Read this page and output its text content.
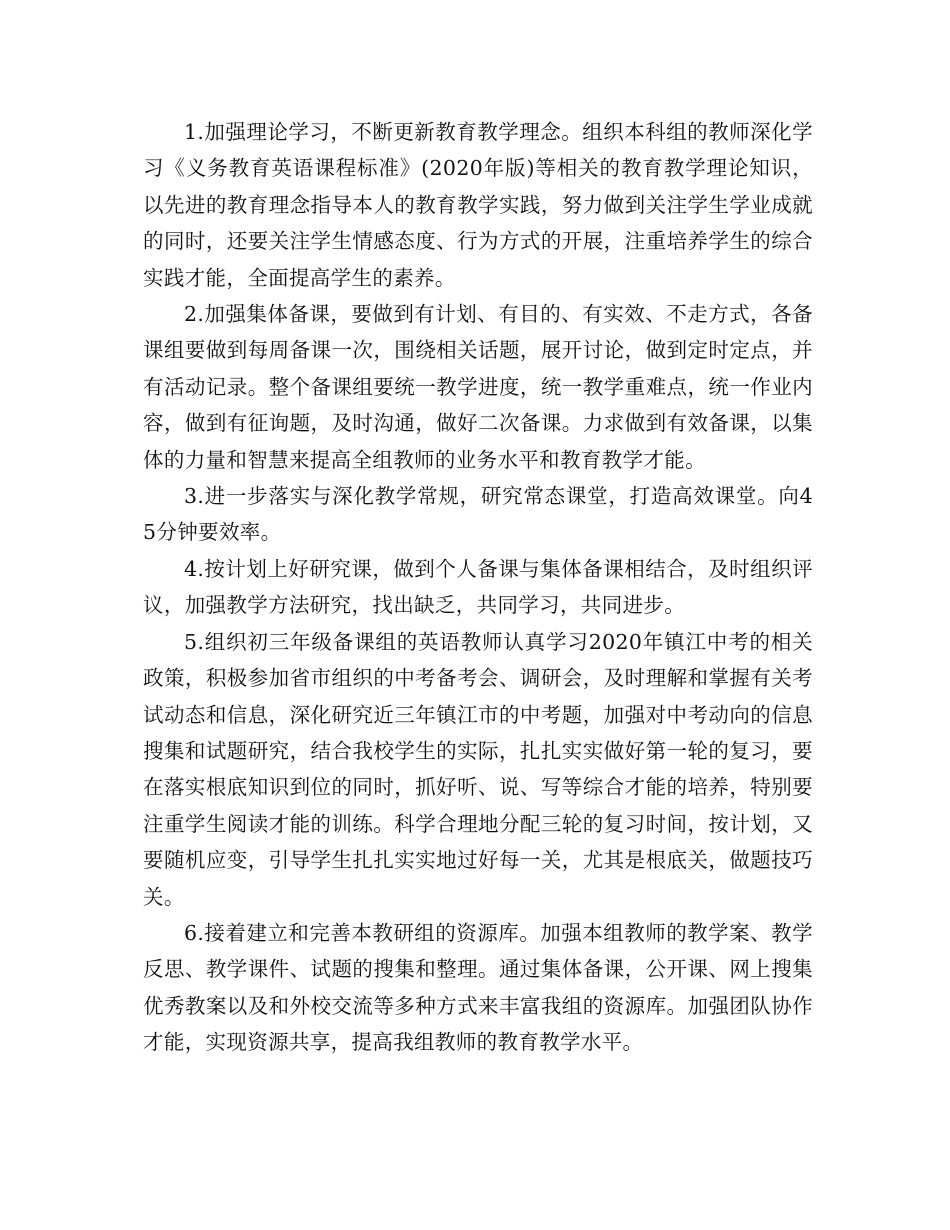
1.加强理论学习，不断更新教育教学理念。组织本科组的教师深化学习《义务教育英语课程标准》(2020年版)等相关的教育教学理论知识，以先进的教育理念指导本人的教育教学实践，努力做到关注学生学业成就的同时，还要关注学生情感态度、行为方式的开展，注重培养学生的综合实践才能，全面提高学生的素养。

2.加强集体备课，要做到有计划、有目的、有实效、不走方式，各备课组要做到每周备课一次，围绕相关话题，展开讨论，做到定时定点，并有活动记录。整个备课组要统一教学进度，统一教学重难点，统一作业内容，做到有征询题，及时沟通，做好二次备课。力求做到有效备课，以集体的力量和智慧来提高全组教师的业务水平和教育教学才能。

3.进一步落实与深化教学常规，研究常态课堂，打造高效课堂。向45分钟要效率。

4.按计划上好研究课，做到个人备课与集体备课相结合，及时组织评议，加强教学方法研究，找出缺乏，共同学习，共同进步。

5.组织初三年级备课组的英语教师认真学习2020年镇江中考的相关政策，积极参加省市组织的中考备考会、调研会，及时理解和掌握有关考试动态和信息，深化研究近三年镇江市的中考题，加强对中考动向的信息搜集和试题研究，结合我校学生的实际，扎扎实实做好第一轮的复习，要在落实根底知识到位的同时，抓好听、说、写等综合才能的培养，特别要注重学生阅读才能的训练。科学合理地分配三轮的复习时间，按计划，又要随机应变，引导学生扎扎实实地过好每一关，尤其是根底关，做题技巧关。

6.接着建立和完善本教研组的资源库。加强本组教师的教学案、教学反思、教学课件、试题的搜集和整理。通过集体备课，公开课、网上搜集优秀教案以及和外校交流等多种方式来丰富我组的资源库。加强团队协作才能，实现资源共享，提高我组教师的教育教学水平。
